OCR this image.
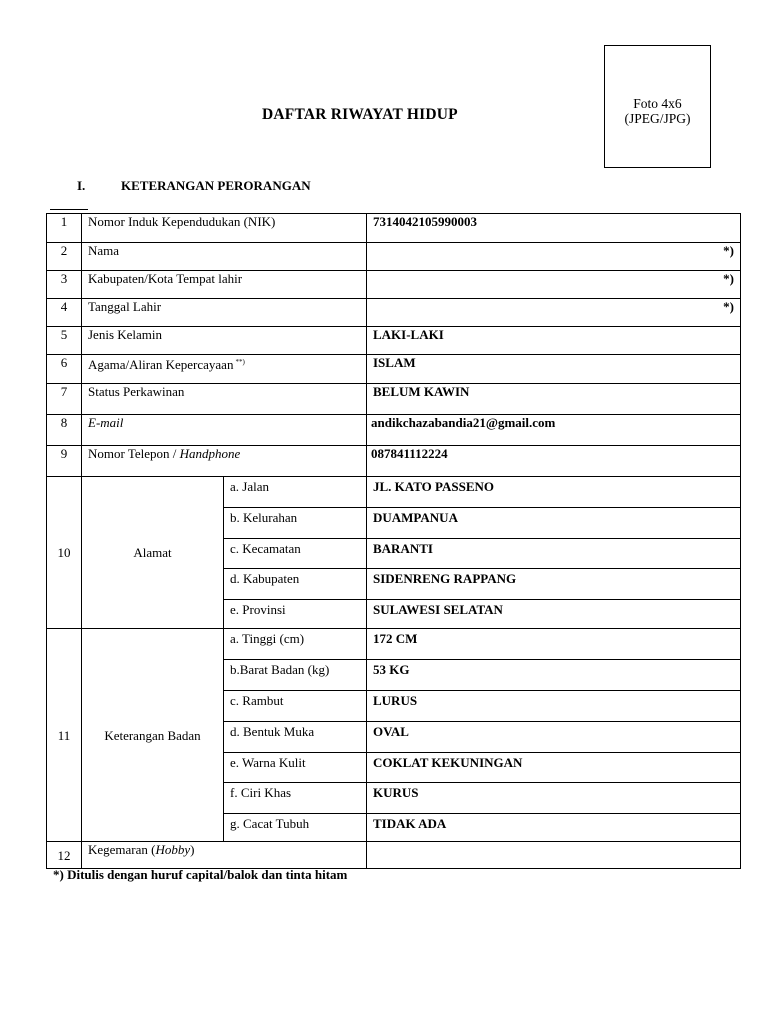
DAFTAR RIWAYAT HIDUP
Foto 4x6
(JPEG/JPG)
I.	KETERANGAN PERORANGAN
1	Nomor Induk Kependudukan (NIK)		7314042105990003
2	Nama		*)

3	Kabupaten/Kota Tempat lahir		*)

4	Tanggal Lahir		*)

5	Jenis Kelamin		LAKI-LAKI
6	Agama/Aliran Kepercayaan **)		ISLAM
7	Status Perkawinan		BELUM KAWIN
8	E-mail		andikchazabandia21@gmail.com
9	Nomor Telepon / Handphone		087841112224
10	Alamat	a. Jalan	JL. KATO PASSENO
		b. Kelurahan	DUAMPANUA
		c. Kecamatan	BARANTI
		d. Kabupaten	SIDENRENG RAPPANG
		e. Provinsi	SULAWESI SELATAN
11	Keterangan Badan	a. Tinggi (cm)	172 CM
		b.Barat Badan (kg)	53 KG
		c. Rambut	LURUS
		d. Bentuk Muka	OVAL
		e. Warna Kulit	COKLAT KEKUNINGAN
		f. Ciri Khas	KURUS
		g. Cacat Tubuh	TIDAK ADA
12	Kegemaran (Hobby)		
*) Ditulis dengan huruf capital/balok dan tinta hitam
